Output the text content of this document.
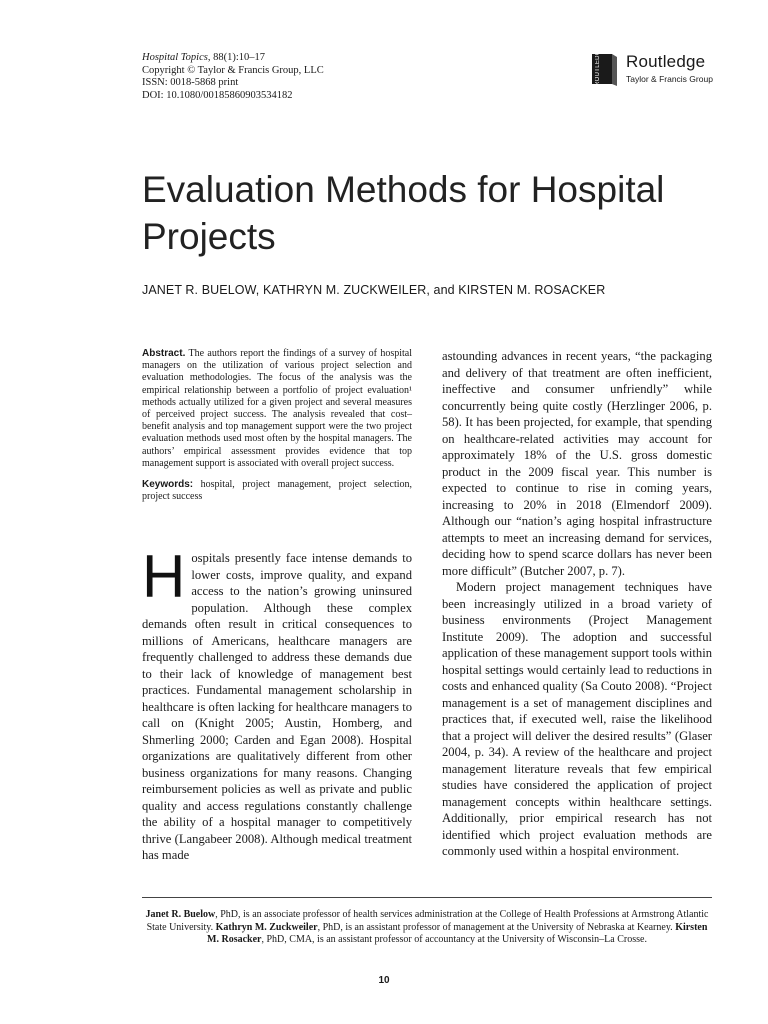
Hospital Topics, 88(1):10–17
Copyright © Taylor & Francis Group, LLC
ISSN: 0018-5868 print
DOI: 10.1080/00185860903534182
ROUTLEDGE Routledge
Taylor & Francis Group
Evaluation Methods for Hospital Projects
JANET R. BUELOW, KATHRYN M. ZUCKWEILER, and KIRSTEN M. ROSACKER

Abstract. The authors report the findings of a survey of hospital managers on the utilization of various project selection and evaluation methodologies. The focus of the analysis was the empirical relationship between a portfolio of project evaluation¹ methods actually utilized for a given project and several measures of perceived project success. The analysis revealed that cost–benefit analysis and top management support were the two project evaluation methods used most often by the hospital managers. The authors’ empirical assessment provides evidence that top management support is associated with overall project success.

Keywords: hospital, project management, project selection, project success

Hospitals presently face intense demands to lower costs, improve quality, and expand access to the nation’s growing uninsured population. Although these complex demands often result in critical consequences to millions of Americans, healthcare managers are frequently challenged to address these demands due to their lack of knowledge of management best practices. Fundamental management scholarship in healthcare is often lacking for healthcare managers to call on (Knight 2005; Austin, Homberg, and Shmerling 2000; Carden and Egan 2008). Hospital organizations are qualitatively different from other business organizations for many reasons. Changing reimbursement policies as well as private and public quality and access regulations constantly challenge the ability of a hospital manager to competitively thrive (Langabeer 2008). Although medical treatment has made

astounding advances in recent years, “the packaging and delivery of that treatment are often inefficient, ineffective and consumer unfriendly” while concurrently being quite costly (Herzlinger 2006, p. 58). It has been projected, for example, that spending on healthcare-related activities may account for approximately 18% of the U.S. gross domestic product in the 2009 fiscal year. This number is expected to continue to rise in coming years, increasing to 20% in 2018 (Elmendorf 2009). Although our “nation’s aging hospital infrastructure attempts to meet an increasing demand for services, deciding how to spend scarce dollars has never been more difficult” (Butcher 2007, p. 7).

Modern project management techniques have been increasingly utilized in a broad variety of business environments (Project Management Institute 2009). The adoption and successful application of these management support tools within hospital settings would certainly lead to reductions in costs and enhanced quality (Sa Couto 2008). “Project management is a set of management disciplines and practices that, if executed well, raise the likelihood that a project will deliver the desired results” (Glaser 2004, p. 34). A review of the healthcare and project management literature reveals that few empirical studies have considered the application of project management concepts within healthcare settings. Additionally, prior empirical research has not identified which project evaluation methods are commonly used within a hospital environment.

Janet R. Buelow, PhD, is an associate professor of health services administration at the College of Health Professions at Armstrong Atlantic State University. Kathryn M. Zuckweiler, PhD, is an assistant professor of management at the University of Nebraska at Kearney. Kirsten M. Rosacker, PhD, CMA, is an assistant professor of accountancy at the University of Wisconsin–La Crosse.

10
